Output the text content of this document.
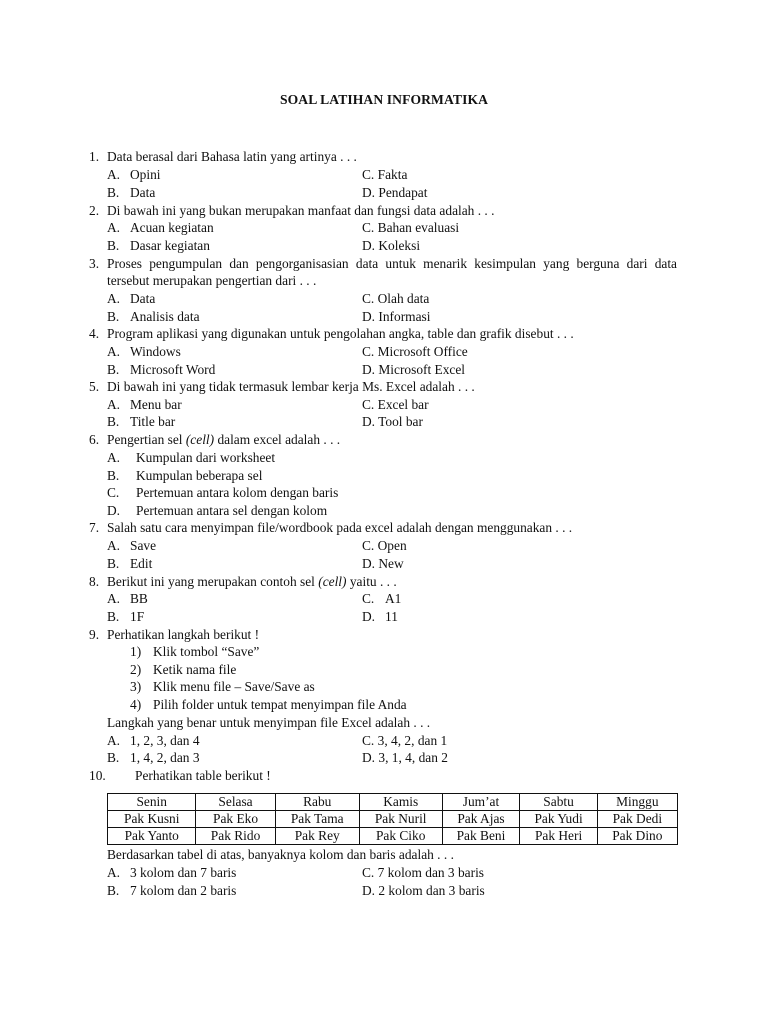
SOAL LATIHAN INFORMATIKA
1. Data berasal dari Bahasa latin yang artinya . . .
A. Opini	C. Fakta
B. Data	D. Pendapat
2. Di bawah ini yang bukan merupakan manfaat dan fungsi data adalah . . .
A. Acuan kegiatan	C. Bahan evaluasi
B. Dasar kegiatan	D. Koleksi
3. Proses pengumpulan dan pengorganisasian data untuk menarik kesimpulan yang berguna dari data
tersebut merupakan pengertian dari . . .
A. Data	C. Olah data
B. Analisis data	D. Informasi
4. Program aplikasi yang digunakan untuk pengolahan angka, table dan grafik disebut . . .
A. Windows	C. Microsoft Office
B. Microsoft Word	D. Microsoft Excel
5. Di bawah ini yang tidak termasuk lembar kerja Ms. Excel adalah . . .
A. Menu bar	C. Excel bar
B. Title bar	D. Tool bar
6. Pengertian sel (cell) dalam excel adalah . . .
A. Kumpulan dari worksheet
B. Kumpulan beberapa sel
C. Pertemuan antara kolom dengan baris
D. Pertemuan antara sel dengan kolom
7. Salah satu cara menyimpan file/wordbook pada excel adalah dengan menggunakan . . .
A. Save	C. Open
B. Edit	D. New
8. Berikut ini yang merupakan contoh sel (cell) yaitu . . .
A. BB	C. A1
B. 1F	D. 11
9. Perhatikan langkah berikut !
1) Klik tombol “Save”
2) Ketik nama file
3) Klik menu file – Save/Save as
4) Pilih folder untuk tempat menyimpan file Anda
Langkah yang benar untuk menyimpan file Excel adalah . . .
A. 1, 2, 3, dan 4	C. 3, 4, 2, dan 1
B. 1, 4, 2, dan 3	D. 3, 1, 4, dan 2
10. Perhatikan table berikut !
Senin	Selasa	Rabu	Kamis	Jum’at	Sabtu	Minggu
Pak Kusni	Pak Eko	Pak Tama	Pak Nuril	Pak Ajas	Pak Yudi	Pak Dedi
Pak Yanto	Pak Rido	Pak Rey	Pak Ciko	Pak Beni	Pak Heri	Pak Dino
Berdasarkan tabel di atas, banyaknya kolom dan baris adalah . . .
A. 3 kolom dan 7 baris	C. 7 kolom dan 3 baris
B. 7 kolom dan 2 baris	D. 2 kolom dan 3 baris
